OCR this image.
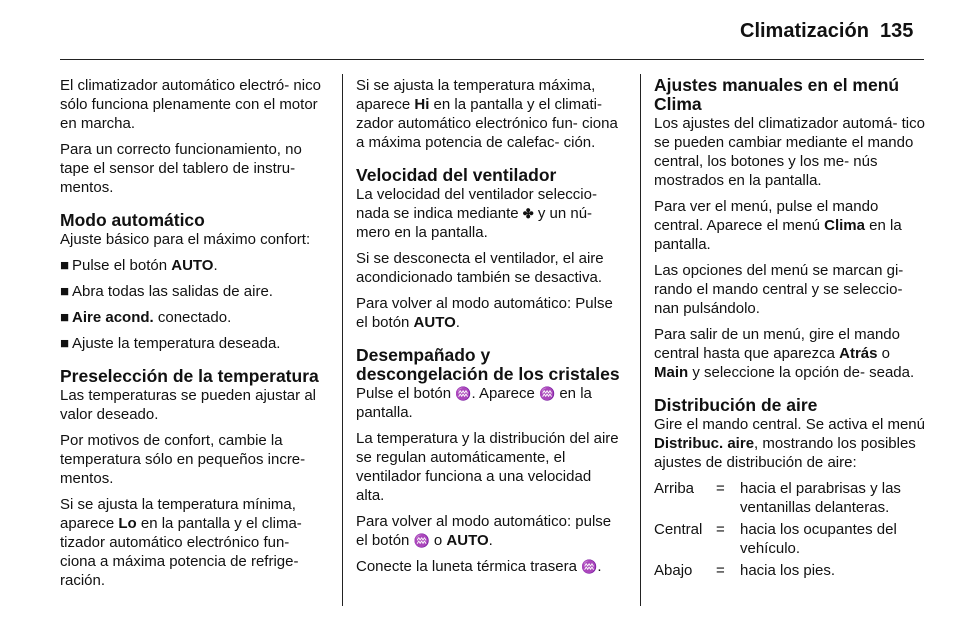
Climatización 135

El climatizador automático electró- nico sólo funciona plenamente con el motor en marcha.

Para un correcto funcionamiento, no tape el sensor del tablero de instru- mentos.

Modo automático

Ajuste básico para el máximo confort:

■ Pulse el botón AUTO.
■ Abra todas las salidas de aire.
■ Aire acond. conectado.
■ Ajuste la temperatura deseada.
Preselección de la temperatura

Las temperaturas se pueden ajustar al valor deseado.

Por motivos de confort, cambie la temperatura sólo en pequeños incre- mentos.

Si se ajusta la temperatura mínima, aparece Lo en la pantalla y el clima- tizador automático electrónico fun- ciona a máxima potencia de refrige- ración.

Si se ajusta la temperatura máxima, aparece Hi en la pantalla y el climati- zador automático electrónico fun- ciona a máxima potencia de calefac- ción.

Velocidad del ventilador

La velocidad del ventilador seleccio- nada se indica mediante ✤ y un nú- mero en la pantalla.

Si se desconecta el ventilador, el aire acondicionado también se desactiva.

Para volver al modo automático: Pulse el botón AUTO.

Desempañado y descongelación de los cristales

Pulse el botón ♒. Aparece ♒ en la pantalla.

La temperatura y la distribución del aire se regulan automáticamente, el ventilador funciona a una velocidad alta.

Para volver al modo automático: pulse el botón ♒ o AUTO.

Conecte la luneta térmica trasera ♒.

Ajustes manuales en el menú Clima

Los ajustes del climatizador automá- tico se pueden cambiar mediante el mando central, los botones y los me- nús mostrados en la pantalla.

Para ver el menú, pulse el mando central. Aparece el menú Clima en la pantalla.

Las opciones del menú se marcan gi- rando el mando central y se seleccio- nan pulsándolo.

Para salir de un menú, gire el mando central hasta que aparezca Atrás o Main y seleccione la opción de- seada.

Distribución de aire

Gire el mando central. Se activa el menú Distribuc. aire, mostrando los posibles ajustes de distribución de aire:

Arriba	=	hacia el parabrisas y las ventanillas delanteras.
Central	=	hacia los ocupantes del vehículo.
Abajo	=	hacia los pies.
